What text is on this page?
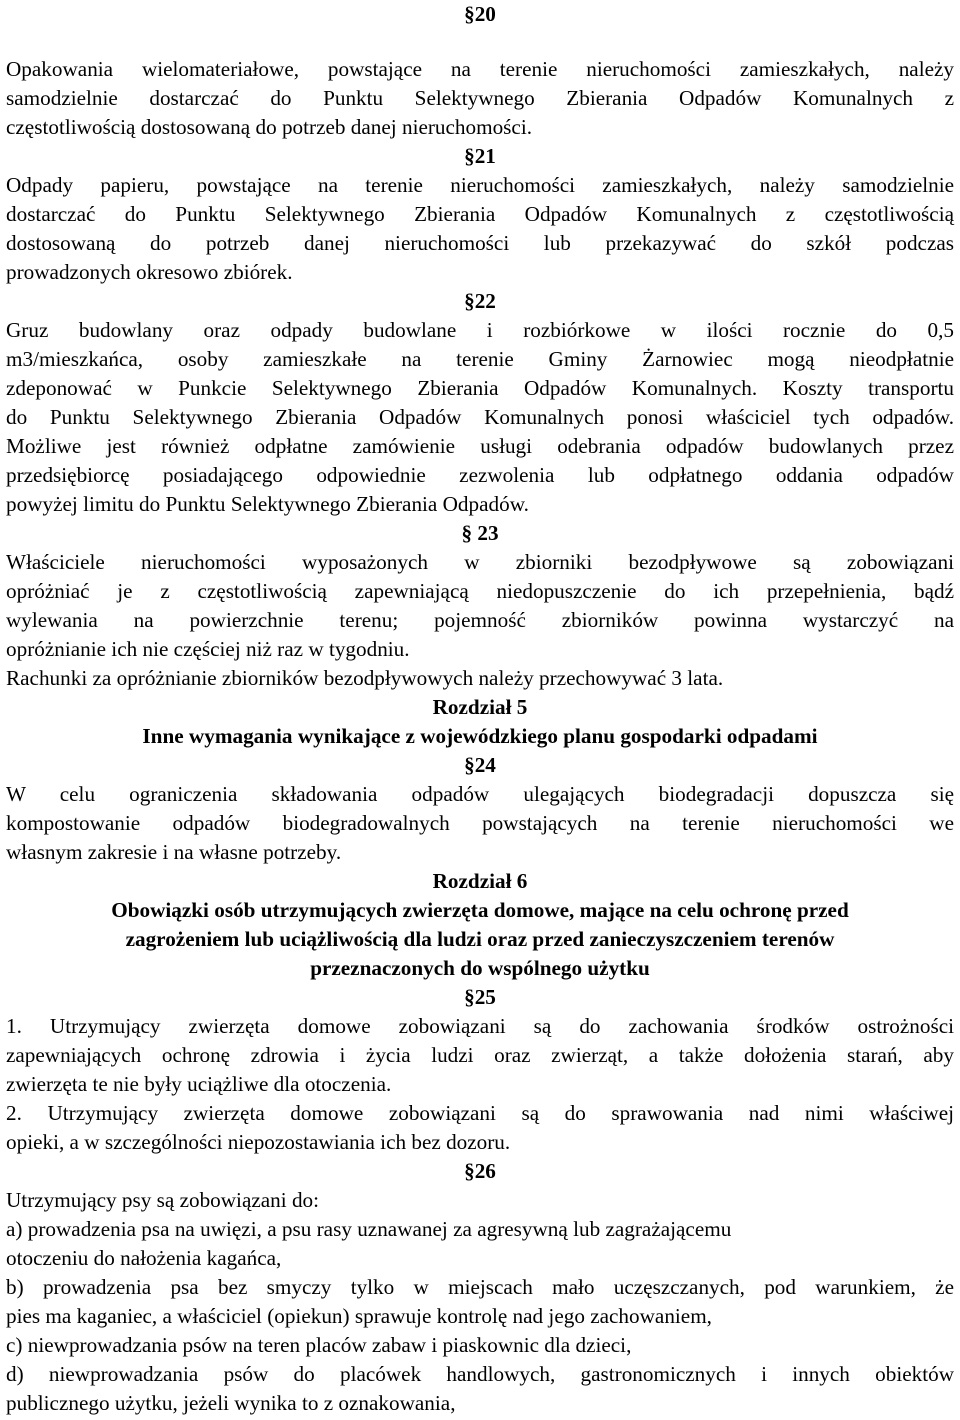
§20
Opakowania wielomateriałowe, powstające na terenie nieruchomości zamieszkałych, należy
samodzielnie dostarczać do Punktu Selektywnego Zbierania Odpadów Komunalnych z
częstotliwością dostosowaną do potrzeb danej nieruchomości.
§21
Odpady papieru, powstające na terenie nieruchomości zamieszkałych, należy samodzielnie
dostarczać do Punktu Selektywnego Zbierania Odpadów Komunalnych z częstotliwością
dostosowaną do potrzeb danej nieruchomości lub przekazywać do szkół podczas
prowadzonych okresowo zbiórek.
§22
Gruz budowlany oraz odpady budowlane i rozbiórkowe w ilości rocznie do 0,5
m3/mieszkańca, osoby zamieszkałe na terenie Gminy Żarnowiec mogą nieodpłatnie
zdeponować w Punkcie Selektywnego Zbierania Odpadów Komunalnych. Koszty transportu
do Punktu Selektywnego Zbierania Odpadów Komunalnych ponosi właściciel tych odpadów.
Możliwe jest również odpłatne zamówienie usługi odebrania odpadów budowlanych przez
przedsiębiorcę posiadającego odpowiednie zezwolenia lub odpłatnego oddania odpadów
powyżej limitu do Punktu Selektywnego Zbierania Odpadów.
§ 23
Właściciele nieruchomości wyposażonych w zbiorniki bezodpływowe są zobowiązani
opróżniać je z częstotliwością zapewniającą niedopuszczenie do ich przepełnienia, bądź
wylewania na powierzchnie terenu; pojemność zbiorników powinna wystarczyć na
opróżnianie ich nie częściej niż raz w tygodniu.
Rachunki za opróżnianie zbiorników bezodpływowych należy przechowywać 3 lata.
Rozdział 5
Inne wymagania wynikające z wojewódzkiego planu gospodarki odpadami
§24
W celu ograniczenia składowania odpadów ulegających biodegradacji dopuszcza się
kompostowanie odpadów biodegradowalnych powstających na terenie nieruchomości we
własnym zakresie i na własne potrzeby.
Rozdział 6
Obowiązki osób utrzymujących zwierzęta domowe, mające na celu ochronę przed
zagrożeniem lub uciążliwością dla ludzi oraz przed zanieczyszczeniem terenów
przeznaczonych do wspólnego użytku
§25
1. Utrzymujący zwierzęta domowe zobowiązani są do zachowania środków ostrożności
zapewniających ochronę zdrowia i życia ludzi oraz zwierząt, a także dołożenia starań, aby
zwierzęta te nie były uciążliwe dla otoczenia.
2. Utrzymujący zwierzęta domowe zobowiązani są do sprawowania nad nimi właściwej
opieki, a w szczególności niepozostawiania ich bez dozoru.
§26
Utrzymujący psy są zobowiązani do:
a) prowadzenia psa na uwięzi, a psu rasy uznawanej za agresywną lub zagrażającemu
otoczeniu do nałożenia kagańca,
b) prowadzenia psa bez smyczy tylko w miejscach mało uczęszczanych, pod warunkiem, że
pies ma kaganiec, a właściciel (opiekun) sprawuje kontrolę nad jego zachowaniem,
c) niewprowadzania psów na teren placów zabaw i piaskownic dla dzieci,
d) niewprowadzania psów do placówek handlowych, gastronomicznych i innych obiektów
publicznego użytku, jeżeli wynika to z oznakowania,
